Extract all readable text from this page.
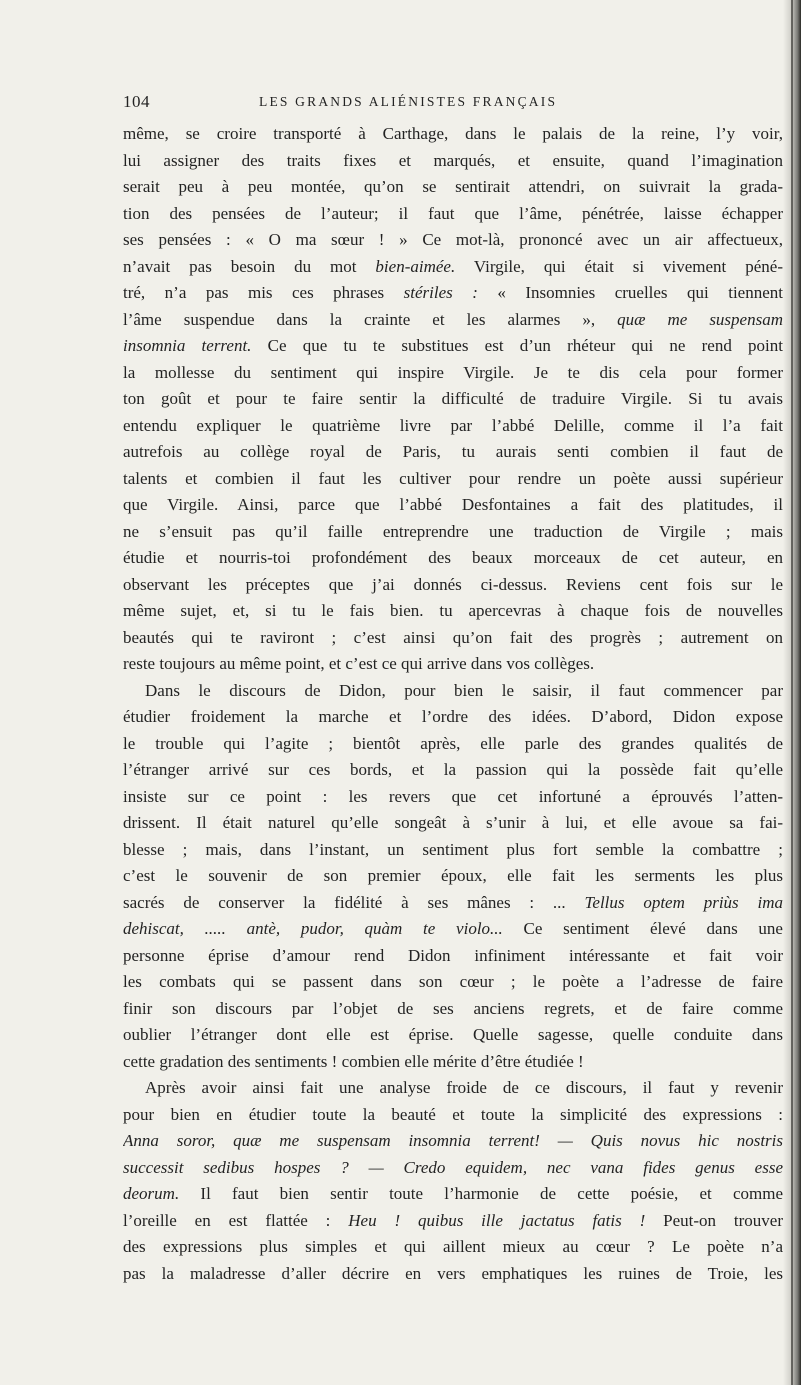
104	LES GRANDS ALIÉNISTES FRANÇAIS
même, se croire transporté à Carthage, dans le palais de la reine, l’y voir,
lui assigner des traits fixes et marqués, et ensuite, quand l’imagination
serait peu à peu montée, qu’on se sentirait attendri, on suivrait la grada-
tion des pensées de l’auteur; il faut que l’âme, pénétrée, laisse échapper
ses pensées : « O ma sœur ! » Ce mot-là, prononcé avec un air affectueux,
n’avait pas besoin du mot bien-aimée. Virgile, qui était si vivement péné-
tré, n’a pas mis ces phrases stériles : « Insomnies cruelles qui tiennent
l’âme suspendue dans la crainte et les alarmes », quæ me suspensam
insomnia terrent. Ce que tu te substitues est d’un rhéteur qui ne rend point
la mollesse du sentiment qui inspire Virgile. Je te dis cela pour former
ton goût et pour te faire sentir la difficulté de traduire Virgile. Si tu avais
entendu expliquer le quatrième livre par l’abbé Delille, comme il l’a fait
autrefois au collège royal de Paris, tu aurais senti combien il faut de
talents et combien il faut les cultiver pour rendre un poète aussi supérieur
que Virgile. Ainsi, parce que l’abbé Desfontaines a fait des platitudes, il
ne s’ensuit pas qu’il faille entreprendre une traduction de Virgile ; mais
étudie et nourris-toi profondément des beaux morceaux de cet auteur, en
observant les préceptes que j’ai donnés ci-dessus. Reviens cent fois sur le
même sujet, et, si tu le fais bien. tu apercevras à chaque fois de nouvelles
beautés qui te raviront ; c’est ainsi qu’on fait des progrès ; autrement on
reste toujours au même point, et c’est ce qui arrive dans vos collèges.
Dans le discours de Didon, pour bien le saisir, il faut commencer par
étudier froidement la marche et l’ordre des idées. D’abord, Didon expose
le trouble qui l’agite ; bientôt après, elle parle des grandes qualités de
l’étranger arrivé sur ces bords, et la passion qui la possède fait qu’elle
insiste sur ce point : les revers que cet infortuné a éprouvés l’atten-
drissent. Il était naturel qu’elle songeât à s’unir à lui, et elle avoue sa fai-
blesse ; mais, dans l’instant, un sentiment plus fort semble la combattre ;
c’est le souvenir de son premier époux, elle fait les serments les plus
sacrés de conserver la fidélité à ses mânes : ... Tellus optem priùs ima
dehiscat, ..... antè, pudor, quàm te violo... Ce sentiment élevé dans une
personne éprise d’amour rend Didon infiniment intéressante et fait voir
les combats qui se passent dans son cœur ; le poète a l’adresse de faire
finir son discours par l’objet de ses anciens regrets, et de faire comme
oublier l’étranger dont elle est éprise. Quelle sagesse, quelle conduite dans
cette gradation des sentiments ! combien elle mérite d’être étudiée !
Après avoir ainsi fait une analyse froide de ce discours, il faut y revenir
pour bien en étudier toute la beauté et toute la simplicité des expressions :
Anna soror, quæ me suspensam insomnia terrent! — Quis novus hic nostris
successit sedibus hospes ? — Credo equidem, nec vana fides genus esse
deorum. Il faut bien sentir toute l’harmonie de cette poésie, et comme
l’oreille en est flattée : Heu ! quibus ille jactatus fatis ! Peut-on trouver
des expressions plus simples et qui aillent mieux au cœur ? Le poète n’a
pas la maladresse d’aller décrire en vers emphatiques les ruines de Troie, les
